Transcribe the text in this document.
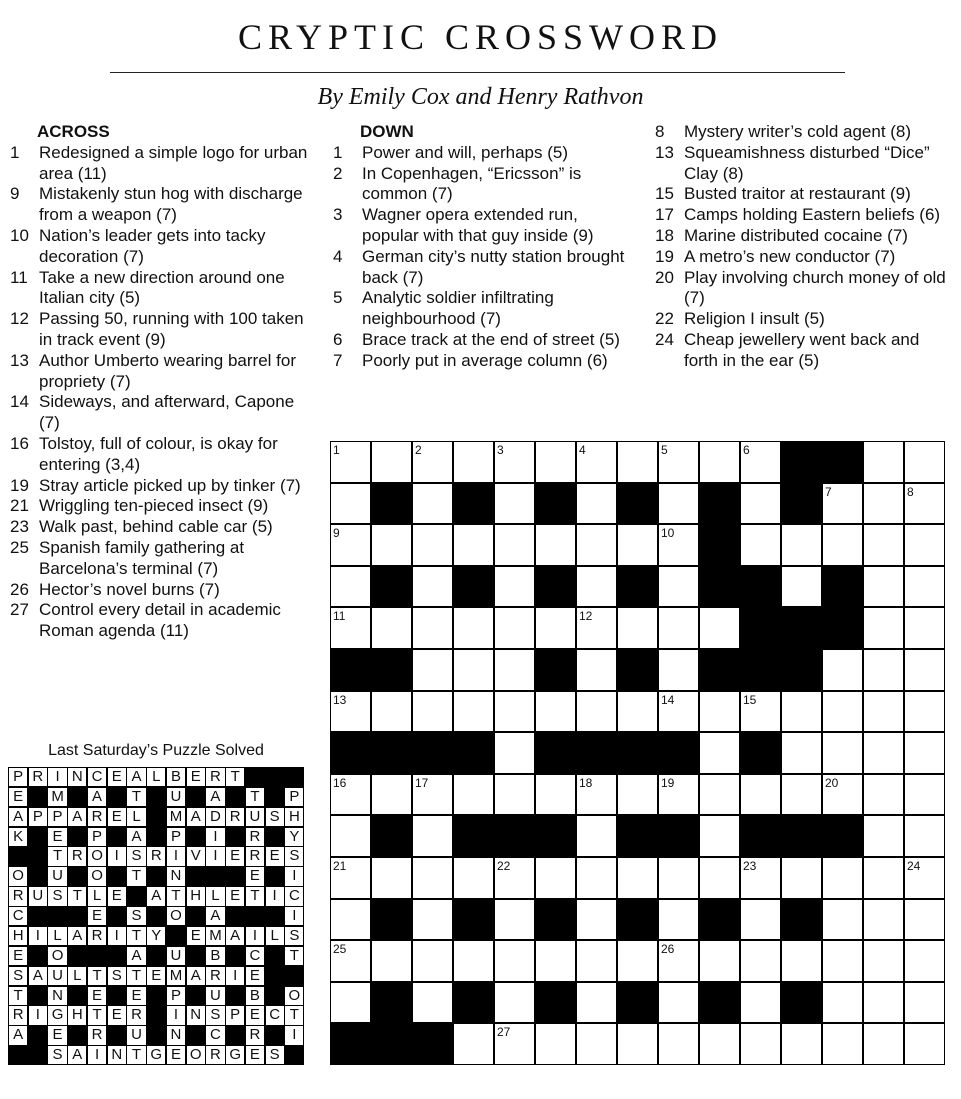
CRYPTIC CROSSWORD
By Emily Cox and Henry Rathvon
ACROSS
1	Redesigned a simple logo for urban area (11)
9	Mistakenly stun hog with discharge from a weapon (7)
10 Nation’s leader gets into tacky decoration (7)
11 Take a new direction around one Italian city (5)
12 Passing 50, running with 100 taken in track event (9)
13 Author Umberto wearing barrel for propriety (7)
14 Sideways, and afterward, Capone (7)
16 Tolstoy, full of colour, is okay for entering (3,4)
19 Stray article picked up by tinker (7)
21 Wriggling ten-pieced insect (9)
23 Walk past, behind cable car (5)
25 Spanish family gathering at Barcelona’s terminal (7)
26 Hector’s novel burns (7)
27 Control every detail in academic Roman agenda (11)
DOWN
1	Power and will, perhaps (5)
2	In Copenhagen, “Ericsson” is common (7)
3	Wagner opera extended run, popular with that guy inside (9)
4	German city’s nutty station brought back (7)
5	Analytic soldier infiltrating neighbourhood (7)
6	Brace track at the end of street (5)
7	Poorly put in average column (6)
8	Mystery writer’s cold agent (8)
13 Squeamishness disturbed “Dice” Clay (8)
15 Busted traitor at restaurant (9)
17 Camps holding Eastern beliefs (6)
18 Marine distributed cocaine (7)
19 A metro’s new conductor (7)
20 Play involving church money of old (7)
22 Religion I insult (5)
24 Cheap jewellery went back and forth in the ear (5)
1	2	3	4	5	6
7	8
9	10
11	12
13	14	15
16	17	18	19	20
21	22	23	24
25	26
27
Last Saturday’s Puzzle Solved
P R I N C E A L B E R T
E M A	T	U A	T	P
A P P A R E L	M A D R U S H
K E P A P	I	R Y
T R O I S R I V I E R E S
O U O	T	N	E	I
R U S T L E A T H L E T I C
C	E S O A	I
H I L A R I T Y E M A I L S
E O	A U B C	T
S A U L T S T E M A R I E
T	N E E P U B O
R I G H T E R	I N S P E C T
A E R U N C R	I
S A I N T G E O R G E S
